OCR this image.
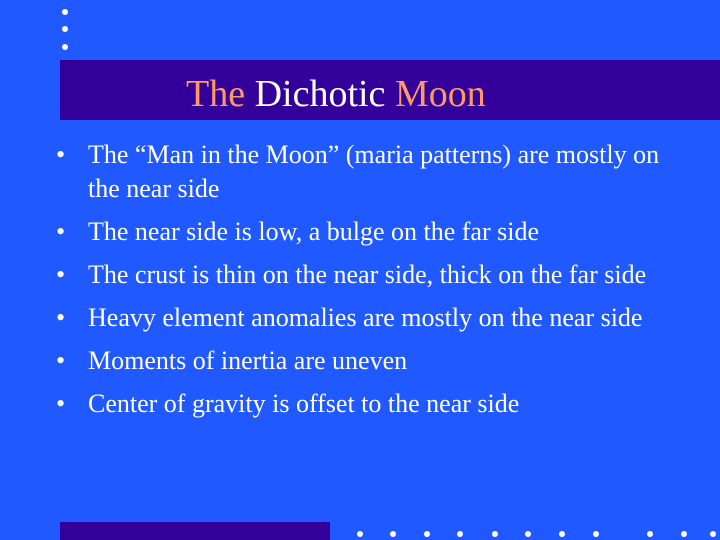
The Dichotic Moon
• The “Man in the Moon” (maria patterns) are mostly on the near side
• The near side is low, a bulge on the far side
• The crust is thin on the near side, thick on the far side
• Heavy element anomalies are mostly on the near side
• Moments of inertia are uneven
• Center of gravity is offset to the near side
